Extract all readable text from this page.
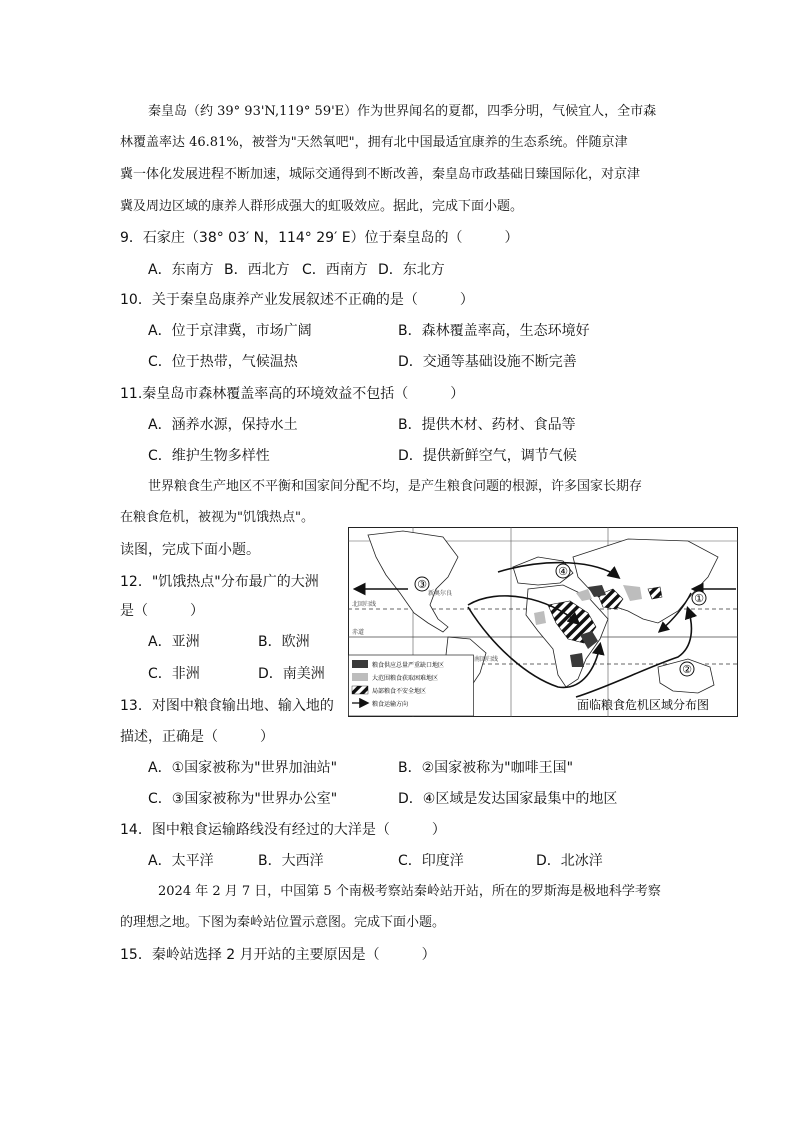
秦皇岛（约 39° 93'N,119° 59'E）作为世界闻名的夏都，四季分明，气候宜人，全市森
林覆盖率达 46.81%，被誉为"天然氧吧"，拥有北中国最适宜康养的生态系统。伴随京津
冀一体化发展进程不断加速，城际交通得到不断改善，秦皇岛市政基础日臻国际化，对京津
冀及周边区域的康养人群形成强大的虹吸效应。据此，完成下面小题。
9．石家庄（38° 03′ N，114° 29′ E）位于秦皇岛的（　　　）
A．东南方 B．西北方 C．西南方 D．东北方
10．关于秦皇岛康养产业发展叙述不正确的是（　　　）
A．位于京津冀，市场广阔	B．森林覆盖率高，生态环境好
C．位于热带，气候温热	D．交通等基础设施不断完善
11.秦皇岛市森林覆盖率高的环境效益不包括（　　　）
A．涵养水源，保持水土	B．提供木材、药材、食品等
C．维护生物多样性	D．提供新鲜空气，调节气候
世界粮食生产地区不平衡和国家间分配不均，是产生粮食问题的根源，许多国家长期存
在粮食危机，被视为"饥饿热点"。
读图，完成下面小题。
12．"饥饿热点"分布最广的大洲
是（　　　）
A．亚洲	B．欧洲
C．非洲	D．南美洲
13．对图中粮食输出地、输入地的
描述，正确是（　　　）
A．①国家被称为"世界加油站"	B．②国家被称为"咖啡王国"
C．③国家被称为"世界办公室"	D．④区域是发达国家最集中的地区
14．图中粮食运输路线没有经过的大洋是（　　　）
A．太平洋	B．大西洋	C．印度洋	D．北冰洋
2024 年 2 月 7 日，中国第 5 个南极考察站秦岭站开站，所在的罗斯海是极地科学考察
的理想之地。下图为秦岭站位置示意图。完成下面小题。
15．秦岭站选择 2 月开站的主要原因是（　　　）
③
④
①
②
北回归线
赤道
南回归线
新奥尔良
粮食供应总量严重缺口地区
大范围粮食获取困难地区
局部粮食不安全地区
粮食运输方向	面临粮食危机区域分布图
